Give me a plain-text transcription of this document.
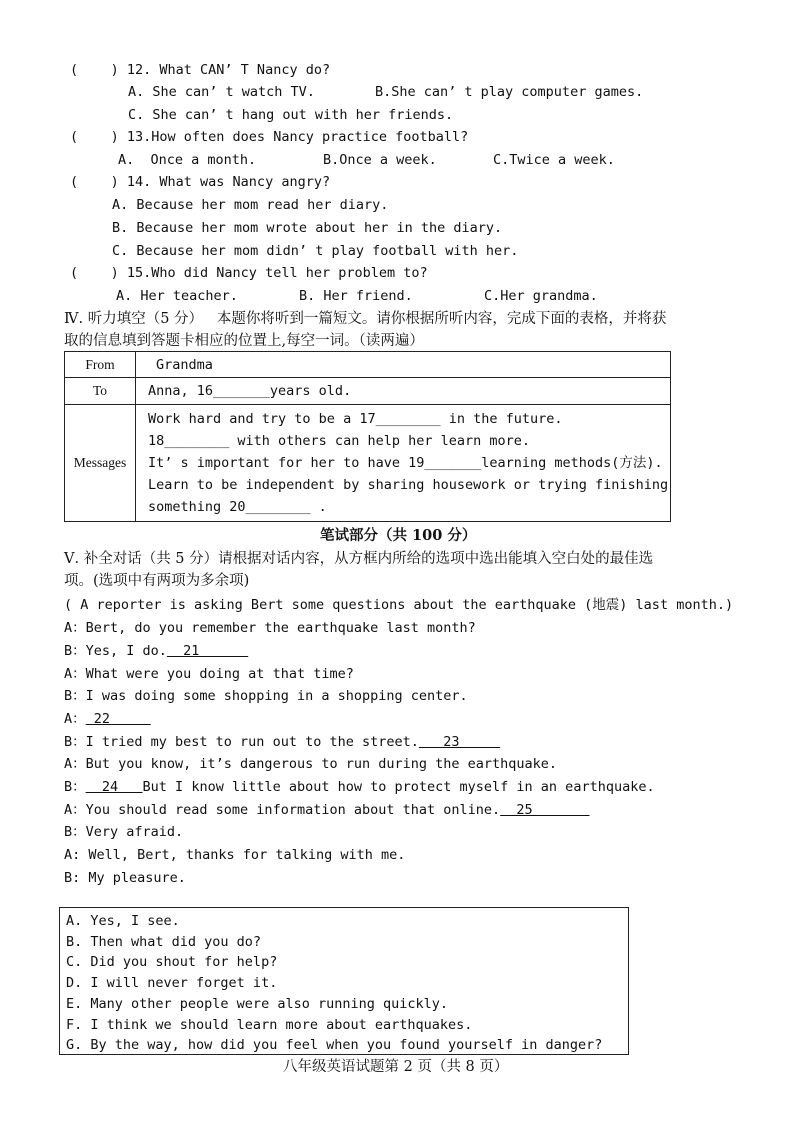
(    ) 12. What CAN’ T Nancy do?
A. She can’ t watch TV.	B.She can’ t play computer games.
C. She can’ t hang out with her friends.
(    ) 13.How often does Nancy practice football?
A.  Once a month.	B.Once a week.	C.Twice a week.
(    ) 14. What was Nancy angry?
A. Because her mom read her diary.
B. Because her mom wrote about her in the diary.
C. Because her mom didn’ t play football with her.
(    ) 15.Who did Nancy tell her problem to?
A. Her teacher.	B. Her friend.	C.Her grandma.
Ⅳ. 听力填空（5 分）   本题你将听到一篇短文。请你根据所听内容，完成下面的表格，并将获
取的信息填到答题卡相应的位置上,每空一词。（读两遍）
From	Grandma
To	Anna, 16_______years old.
Messages	Work hard and try to be a 17________ in the future.
18________ with others can help her learn more.
It’ s important for her to have 19_______learning methods(方法).
Learn to be independent by sharing housework or trying finishing
something 20________ .
笔试部分（共 100 分）
Ⅴ. 补全对话（共 5 分）请根据对话内容，从方框内所给的选项中选出能填入空白处的最佳选
项。(选项中有两项为多余项)
( A reporter is asking Bert some questions about the earthquake (地震) last month.)
A：Bert, do you remember the earthquake last month?
B：Yes, I do.  21
A：What were you doing at that time?
B：I was doing some shopping in a shopping center.
A： 22
B：I tried my best to run out to the street.   23
A：But you know, it’s dangerous to run during the earthquake.
B：  24   But I know little about how to protect myself in an earthquake.
A：You should read some information about that online.  25
B：Very afraid.
A: Well, Bert, thanks for talking with me.
B: My pleasure.
A. Yes, I see.
B. Then what did you do?
C. Did you shout for help?
D. I will never forget it.
E. Many other people were also running quickly.
F. I think we should learn more about earthquakes.
G. By the way, how did you feel when you found yourself in danger?
八年级英语试题第 2 页（共 8 页）
